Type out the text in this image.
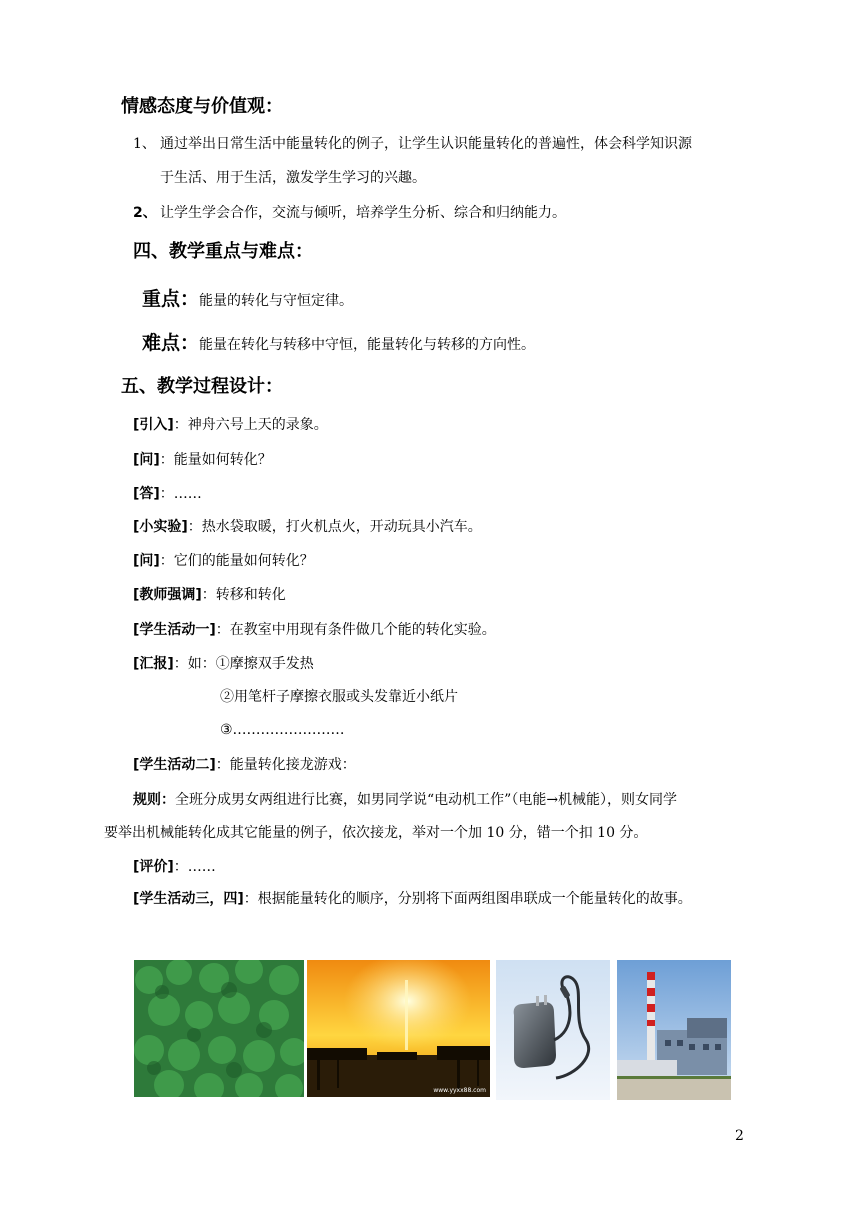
情感态度与价值观：
1、 通过举出日常生活中能量转化的例子，让学生认识能量转化的普遍性，体会科学知识源
于生活、用于生活，激发学生学习的兴趣。
2、 让学生学会合作，交流与倾听，培养学生分析、综合和归纳能力。
四、教学重点与难点：
重点：能量的转化与守恒定律。
难点：能量在转化与转移中守恒，能量转化与转移的方向性。
五、教学过程设计：
[引入]：神舟六号上天的录象。
[问]：能量如何转化？
[答]：……
[小实验]：热水袋取暖，打火机点火，开动玩具小汽车。
[问]：它们的能量如何转化？
[教师强调]：转移和转化
[学生活动一]：在教室中用现有条件做几个能的转化实验。
[汇报]：如：①摩擦双手发热
②用笔杆子摩擦衣服或头发靠近小纸片
③……………………
[学生活动二]：能量转化接龙游戏：
规则：全班分成男女两组进行比赛，如男同学说“电动机工作”（电能→机械能），则女同学
要举出机械能转化成其它能量的例子，依次接龙，举对一个加 10 分，错一个扣 10 分。
[评价]：……
[学生活动三，四]：根据能量转化的顺序，分别将下面两组图串联成一个能量转化的故事。
www.yyxx88.com
2
